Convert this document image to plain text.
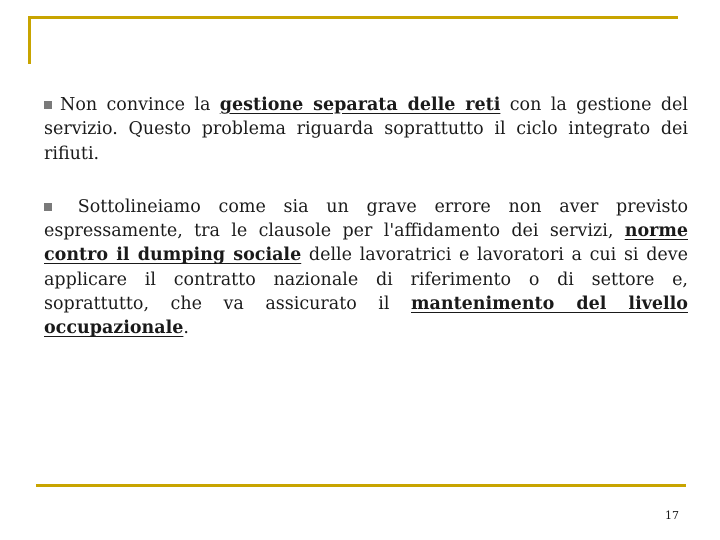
Non convince la gestione separata delle reti con la gestione del servizio. Questo problema riguarda soprattutto il ciclo integrato dei rifiuti.

Sottolineiamo come sia un grave errore non aver previsto espressamente, tra le clausole per l'affidamento dei servizi, norme contro il dumping sociale delle lavoratrici e lavoratori a cui si deve applicare il contratto nazionale di riferimento o di settore e, soprattutto, che va assicurato il mantenimento del livello occupazionale.

17
